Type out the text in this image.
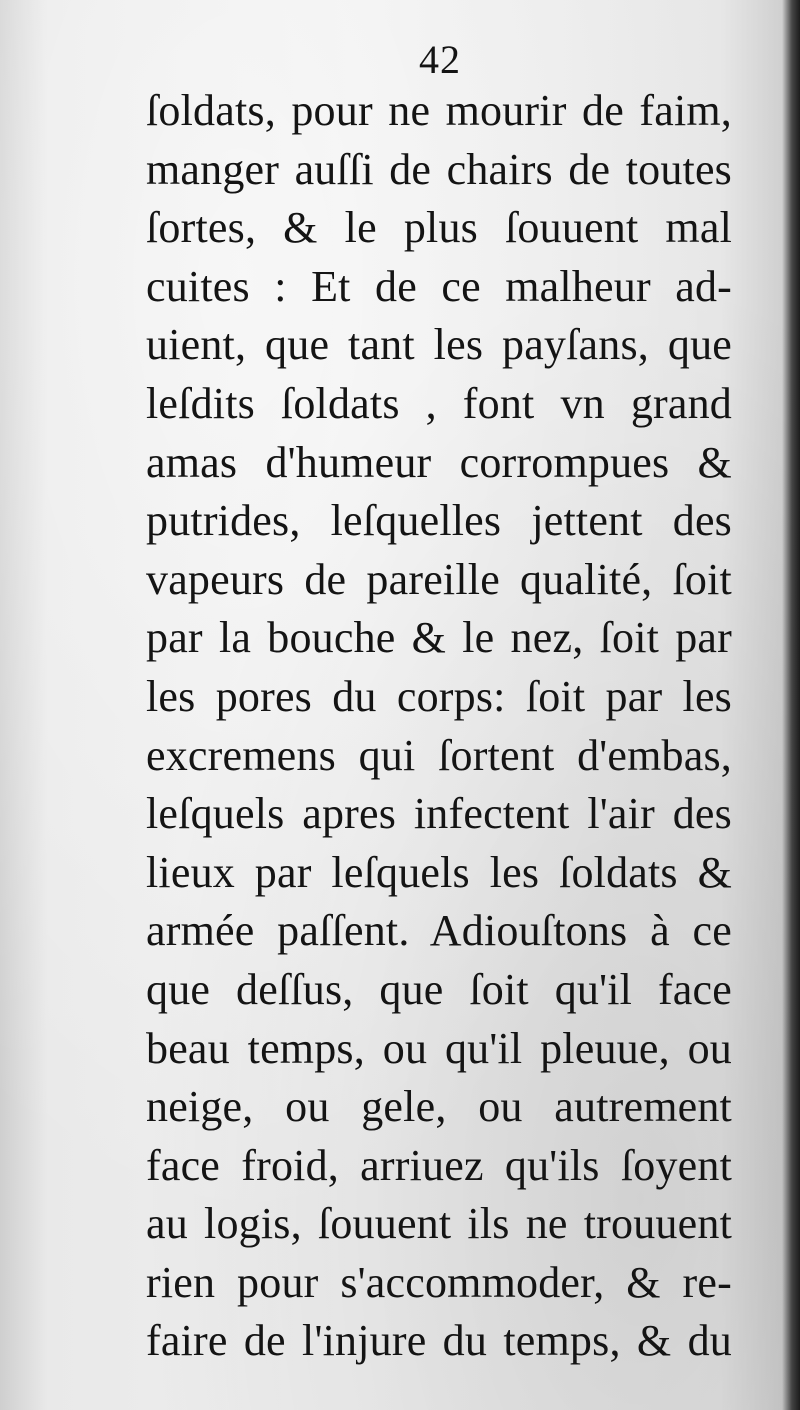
42
ſoldats, pour ne mourir de faim,
manger auſſi de chairs de toutes
ſortes, & le plus ſouuent mal
cuites : Et de ce malheur ad-
uient, que tant les payſans, que
leſdits ſoldats , font vn grand
amas d'humeur corrompues &
putrides, leſquelles jettent des
vapeurs de pareille qualité, ſoit
par la bouche & le nez, ſoit par
les pores du corps: ſoit par les
excremens qui ſortent d'embas,
leſquels apres infectent l'air des
lieux par leſquels les ſoldats &
armée paſſent. Adiouſtons à ce
que deſſus, que ſoit qu'il face
beau temps, ou qu'il pleuue, ou
neige, ou gele, ou autrement
face froid, arriuez qu'ils ſoyent
au logis, ſouuent ils ne trouuent
rien pour s'accommoder, & re-
faire de l'injure du temps, & du
